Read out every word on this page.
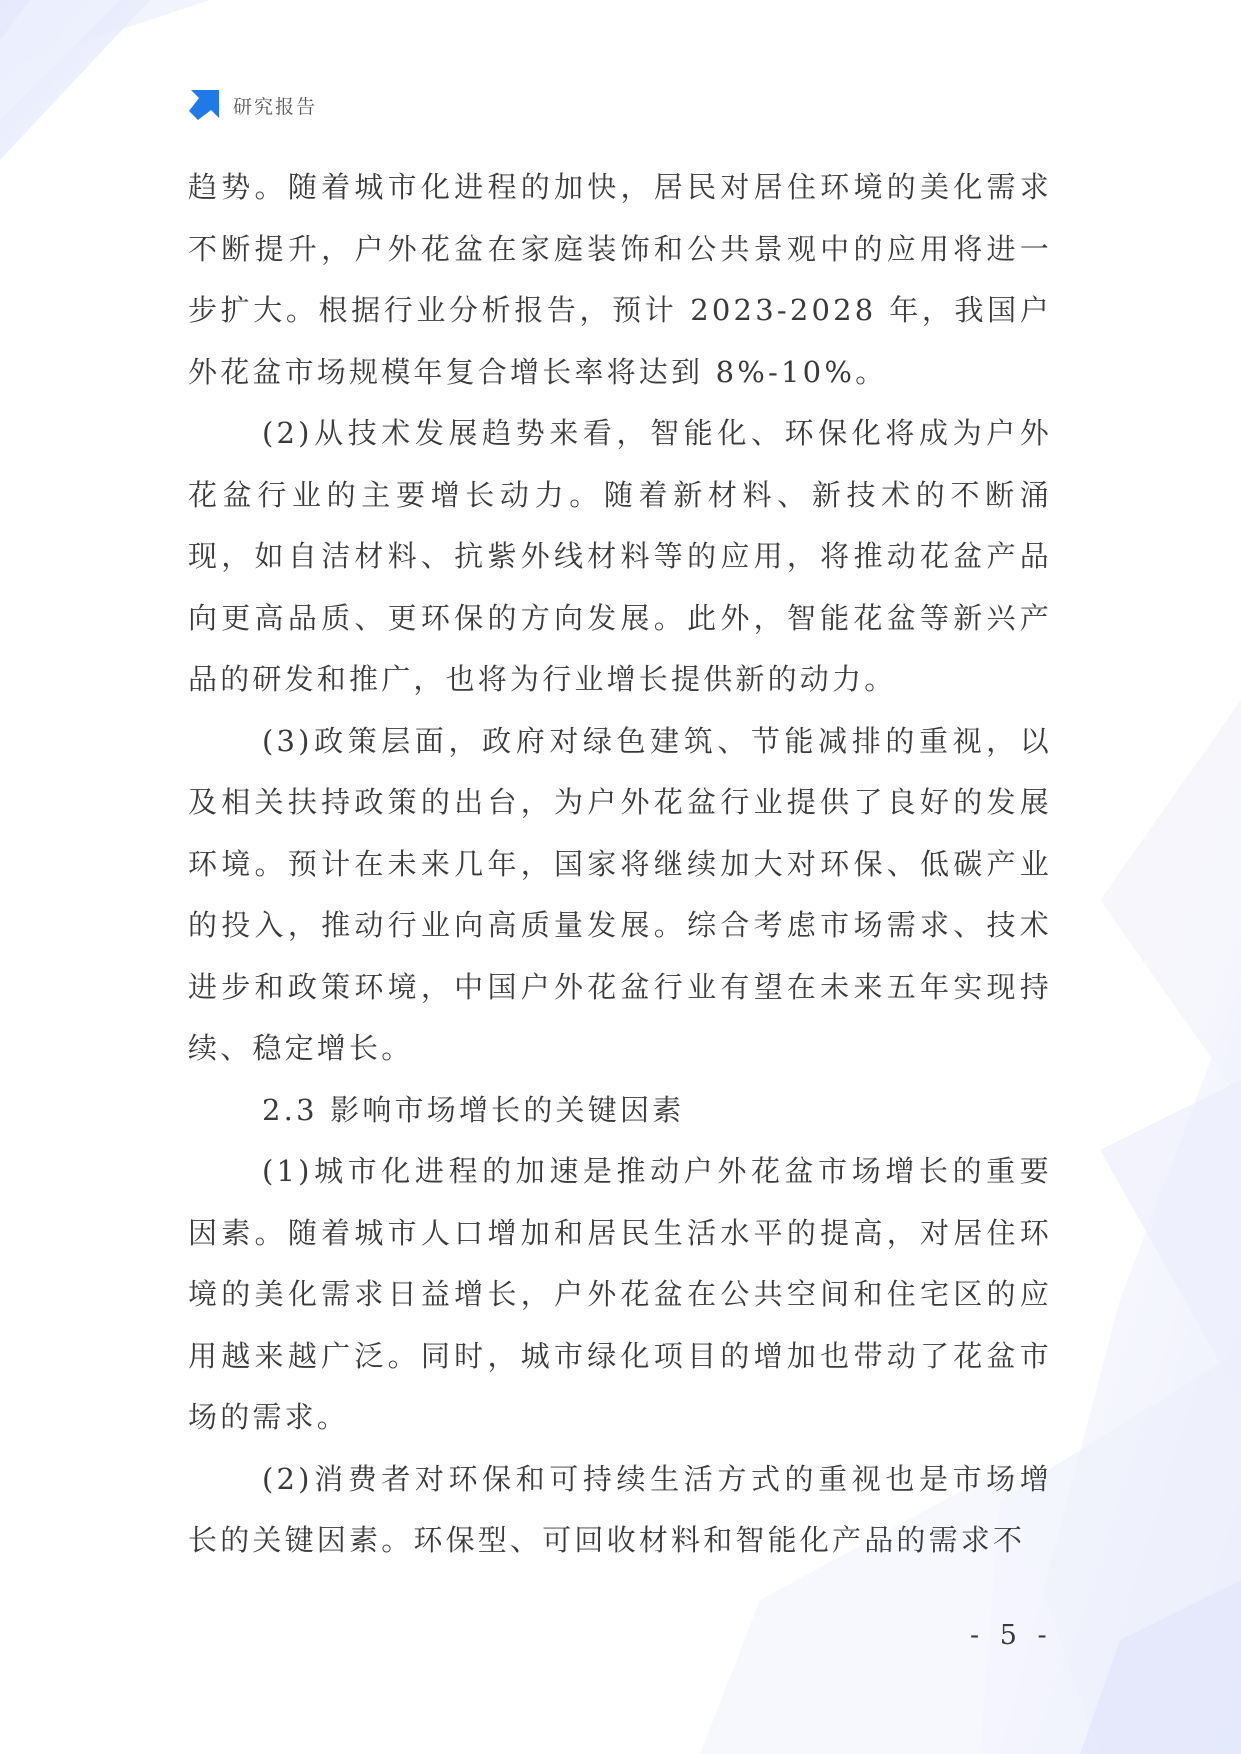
研究报告

趋势。随着城市化进程的加快，居民对居住环境的美化需求不断提升，户外花盆在家庭装饰和公共景观中的应用将进一步扩大。根据行业分析报告，预计 2023-2028 年，我国户外花盆市场规模年复合增长率将达到 8%-10%。

(2)从技术发展趋势来看，智能化、环保化将成为户外花盆行业的主要增长动力。随着新材料、新技术的不断涌现，如自洁材料、抗紫外线材料等的应用，将推动花盆产品向更高品质、更环保的方向发展。此外，智能花盆等新兴产品的研发和推广，也将为行业增长提供新的动力。

(3)政策层面，政府对绿色建筑、节能减排的重视，以及相关扶持政策的出台，为户外花盆行业提供了良好的发展环境。预计在未来几年，国家将继续加大对环保、低碳产业的投入，推动行业向高质量发展。综合考虑市场需求、技术进步和政策环境，中国户外花盆行业有望在未来五年实现持续、稳定增长。

2.3 影响市场增长的关键因素

(1)城市化进程的加速是推动户外花盆市场增长的重要因素。随着城市人口增加和居民生活水平的提高，对居住环境的美化需求日益增长，户外花盆在公共空间和住宅区的应用越来越广泛。同时，城市绿化项目的增加也带动了花盆市场的需求。

(2)消费者对环保和可持续生活方式的重视也是市场增长的关键因素。环保型、可回收材料和智能化产品的需求不

- 5 -
